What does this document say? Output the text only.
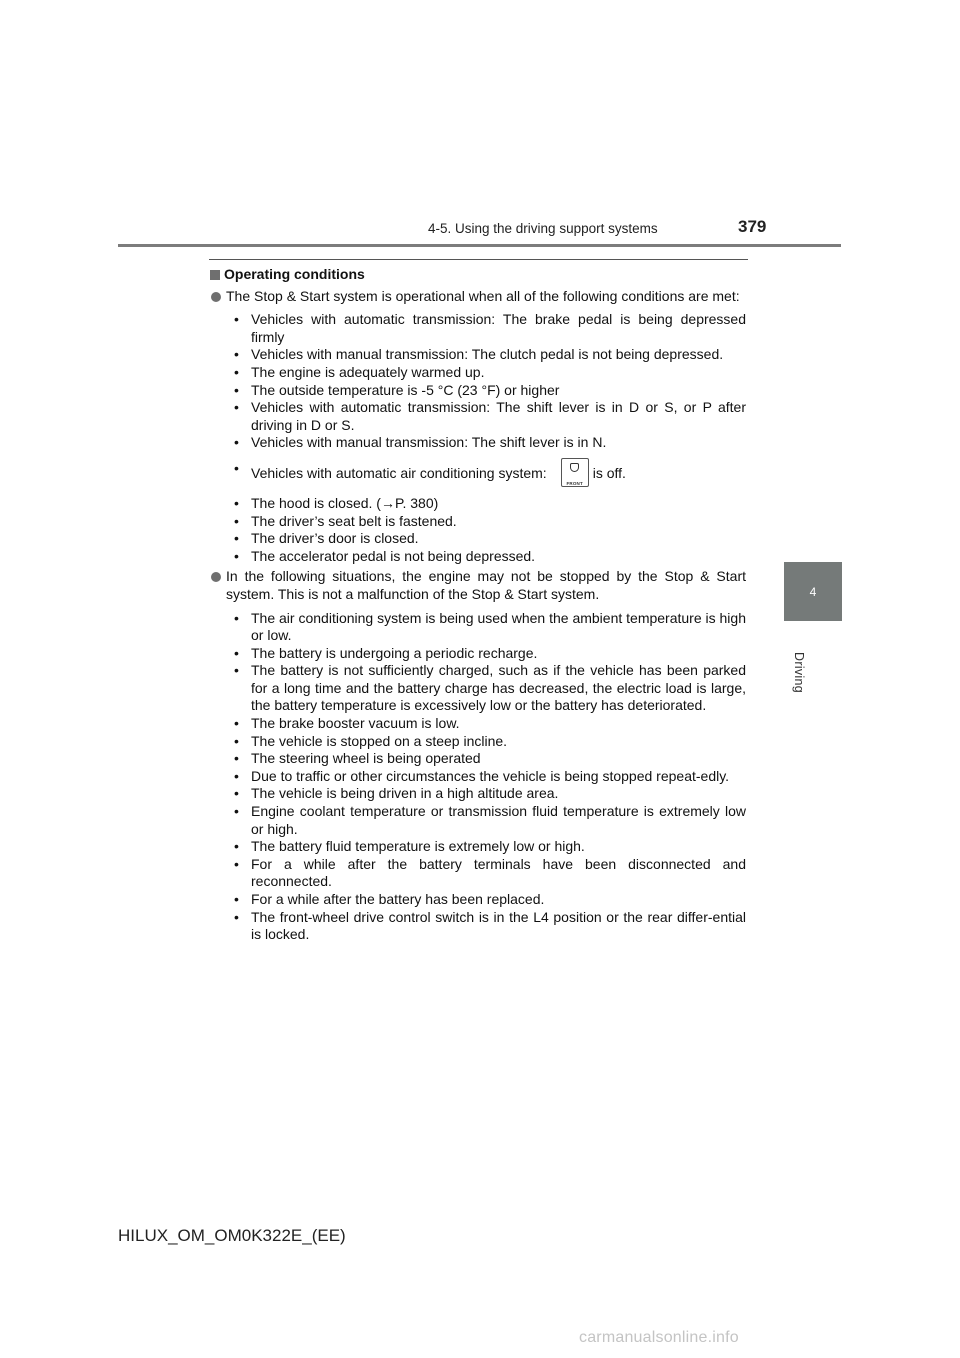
4-5. Using the driving support systems	379
4
Driving
Operating conditions
The Stop & Start system is operational when all of the following conditions are met:
• Vehicles with automatic transmission: The brake pedal is being depressed firmly
• Vehicles with manual transmission: The clutch pedal is not being depressed.
• The engine is adequately warmed up.
• The outside temperature is -5 °C (23 °F) or higher
• Vehicles with automatic transmission: The shift lever is in D or S, or P after driving in D or S.
• Vehicles with manual transmission: The shift lever is in N.
• Vehicles with automatic air conditioning system:
FRONT
is off.
• The hood is closed. (→P. 380)
• The driver’s seat belt is fastened.
• The driver’s door is closed.
• The accelerator pedal is not being depressed.
In the following situations, the engine may not be stopped by the Stop & Start system. This is not a malfunction of the Stop & Start system.
• The air conditioning system is being used when the ambient temperature is high or low.
• The battery is undergoing a periodic recharge.
• The battery is not sufficiently charged, such as if the vehicle has been parked for a long time and the battery charge has decreased, the electric load is large, the battery temperature is excessively low or the battery has deteriorated.
• The brake booster vacuum is low.
• The vehicle is stopped on a steep incline.
• The steering wheel is being operated
• Due to traffic or other circumstances the vehicle is being stopped repeat-edly.
• The vehicle is being driven in a high altitude area.
• Engine coolant temperature or transmission fluid temperature is extremely low or high.
• The battery fluid temperature is extremely low or high.
• For a while after the battery terminals have been disconnected and reconnected.
• For a while after the battery has been replaced.
• The front-wheel drive control switch is in the L4 position or the rear differ-ential is locked.
HILUX_OM_OM0K322E_(EE)
carmanualsonline.info
